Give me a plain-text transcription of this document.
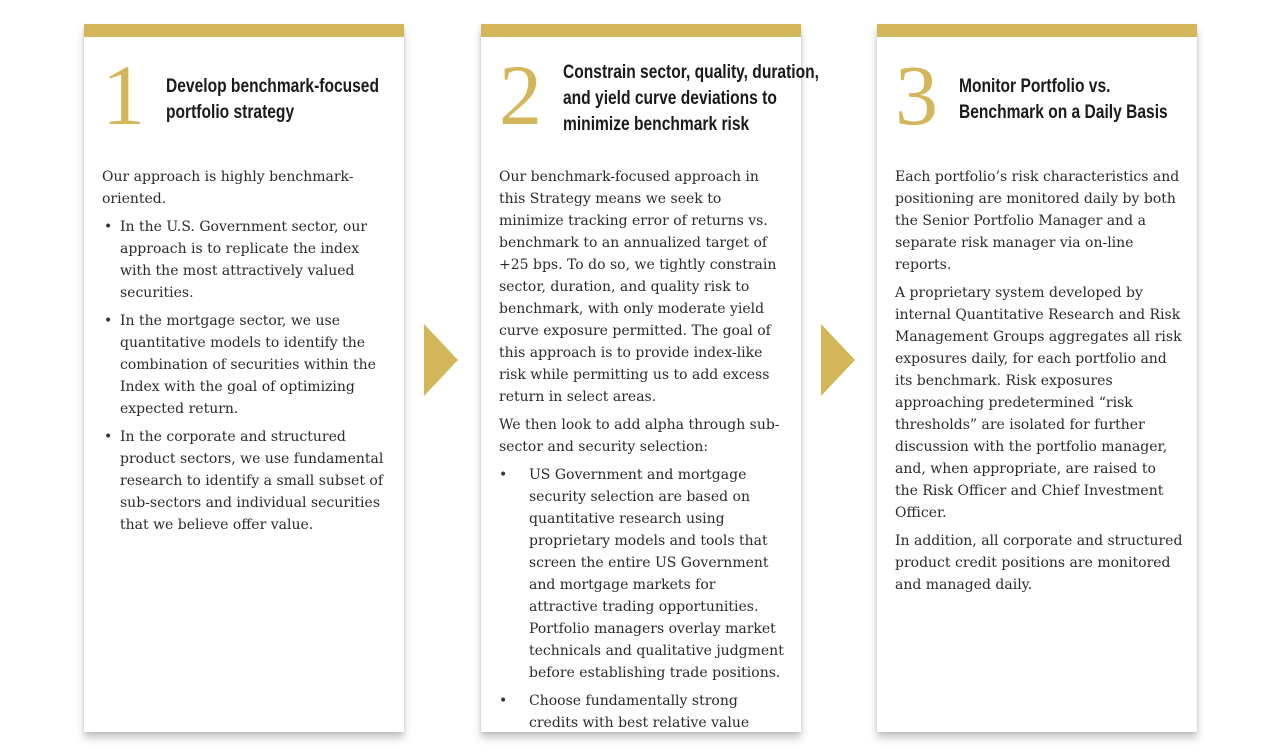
1 Develop benchmark-focused
portfolio strategy

Our approach is highly benchmark-oriented.

• In the U.S. Government sector, our approach is to replicate the index with the most attractively valued securities.
• In the mortgage sector, we use quantitative models to identify the combination of securities within the Index with the goal of optimizing expected return.
• In the corporate and structured product sectors, we use fundamental research to identify a small subset of sub-sectors and individual securities that we believe offer value.
2 Constrain sector, quality, duration,
and yield curve deviations to
minimize benchmark risk

Our benchmark-focused approach in this Strategy means we seek to minimize tracking error of returns vs. benchmark to an annualized target of +25 bps. To do so, we tightly constrain sector, duration, and quality risk to benchmark, with only moderate yield curve exposure permitted. The goal of this approach is to provide index-like risk while permitting us to add excess return in select areas.

We then look to add alpha through sub-sector and security selection:

• US Government and mortgage security selection are based on quantitative research using proprietary models and tools that screen the entire US Government and mortgage markets for attractive trading opportunities. Portfolio managers overlay market technicals and qualitative judgment before establishing trade positions.
• Choose fundamentally strong credits with best relative value
3 Monitor Portfolio vs.
Benchmark on a Daily Basis

Each portfolio’s risk characteristics and positioning are monitored daily by both the Senior Portfolio Manager and a separate risk manager via on-line reports.

A proprietary system developed by internal Quantitative Research and Risk Management Groups aggregates all risk exposures daily, for each portfolio and its benchmark. Risk exposures approaching predetermined “risk thresholds” are isolated for further discussion with the portfolio manager, and, when appropriate, are raised to the Risk Officer and Chief Investment Officer.

In addition, all corporate and structured product credit positions are monitored and managed daily.
